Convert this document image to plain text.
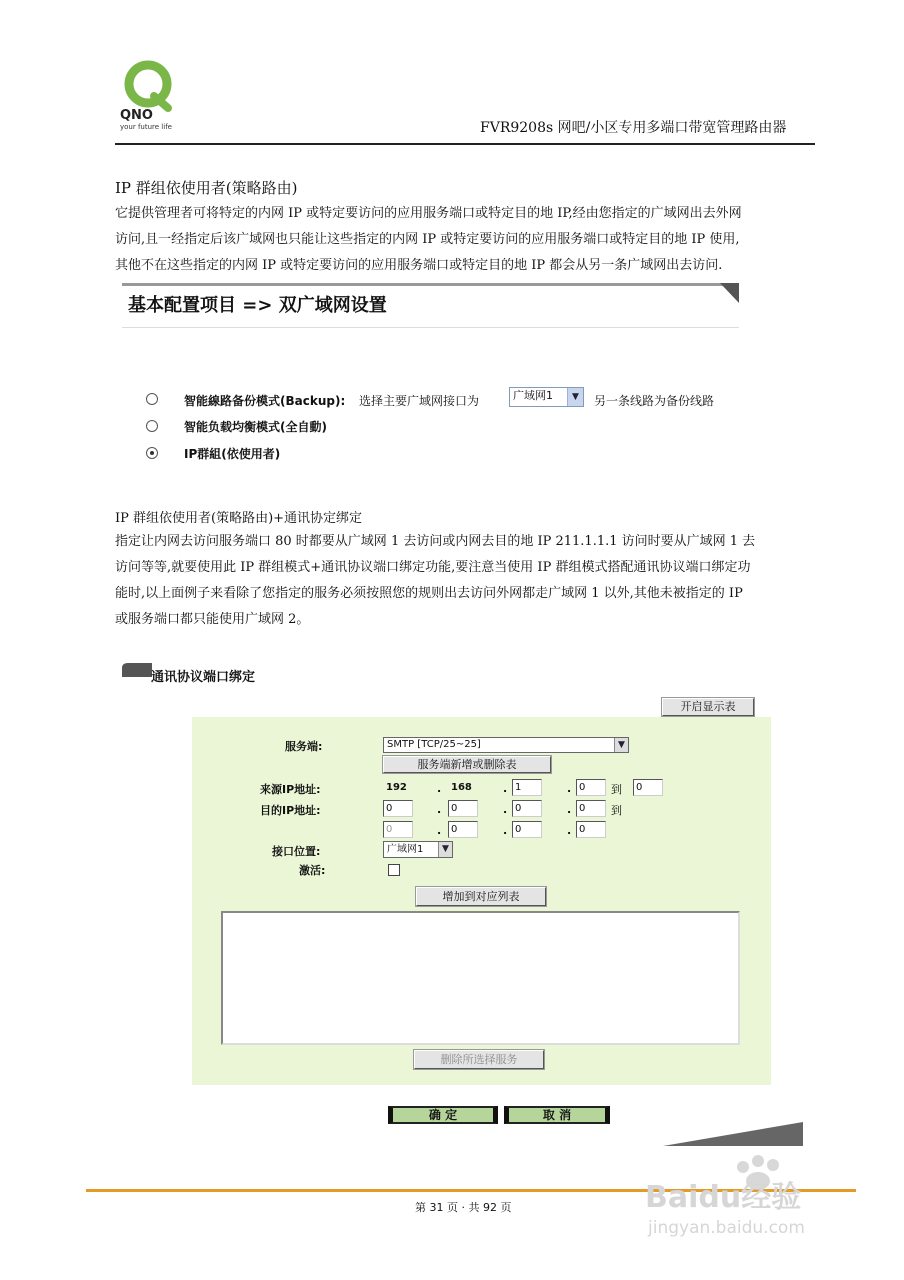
QNO
your future life	FVR9208s 网吧/小区专用多端口带宽管理路由器
IP 群组依使用者(策略路由)
它提供管理者可将特定的内网 IP 或特定要访问的应用服务端口或特定目的地 IP,经由您指定的广域网出去外网
访问,且一经指定后该广域网也只能让这些指定的内网 IP 或特定要访问的应用服务端口或特定目的地 IP 使用,
其他不在这些指定的内网 IP 或特定要访问的应用服务端口或特定目的地 IP 都会从另一条广域网出去访问.
基本配置项目 => 双广域网设置
智能線路备份模式(Backup): 选择主要广域网接口为	广域网1	▼	另一条线路为备份线路
智能负载均衡模式(全自動)
IP群組(依使用者)
IP 群组依使用者(策略路由)+通讯协定绑定
指定让内网去访问服务端口 80 时都要从广域网 1 去访问或内网去目的地 IP 211.1.1.1 访问时要从广域网 1 去
访问等等,就要使用此 IP 群组模式+通讯协议端口绑定功能,要注意当使用 IP 群组模式搭配通讯协议端口绑定功
能时,以上面例子来看除了您指定的服务必须按照您的规则出去访问外网都走广域网 1 以外,其他未被指定的 IP
或服务端口都只能使用广域网 2。
通讯协议端口绑定
开启显示表
服务端:	SMTP [TCP/25~25]	▼
服务端新增或删除表
来源IP地址:	192	. 168	. 1	. 0	到	0
目的IP地址:	0	. 0	. 0	. 0	到
0	. 0	. 0	. 0
接口位置:	广域网1	▼
激活:
增加到对应列表
删除所选择服务
确 定	取 消
第 31 页 · 共 92 页	Baidu经验
jingyan.baidu.com
